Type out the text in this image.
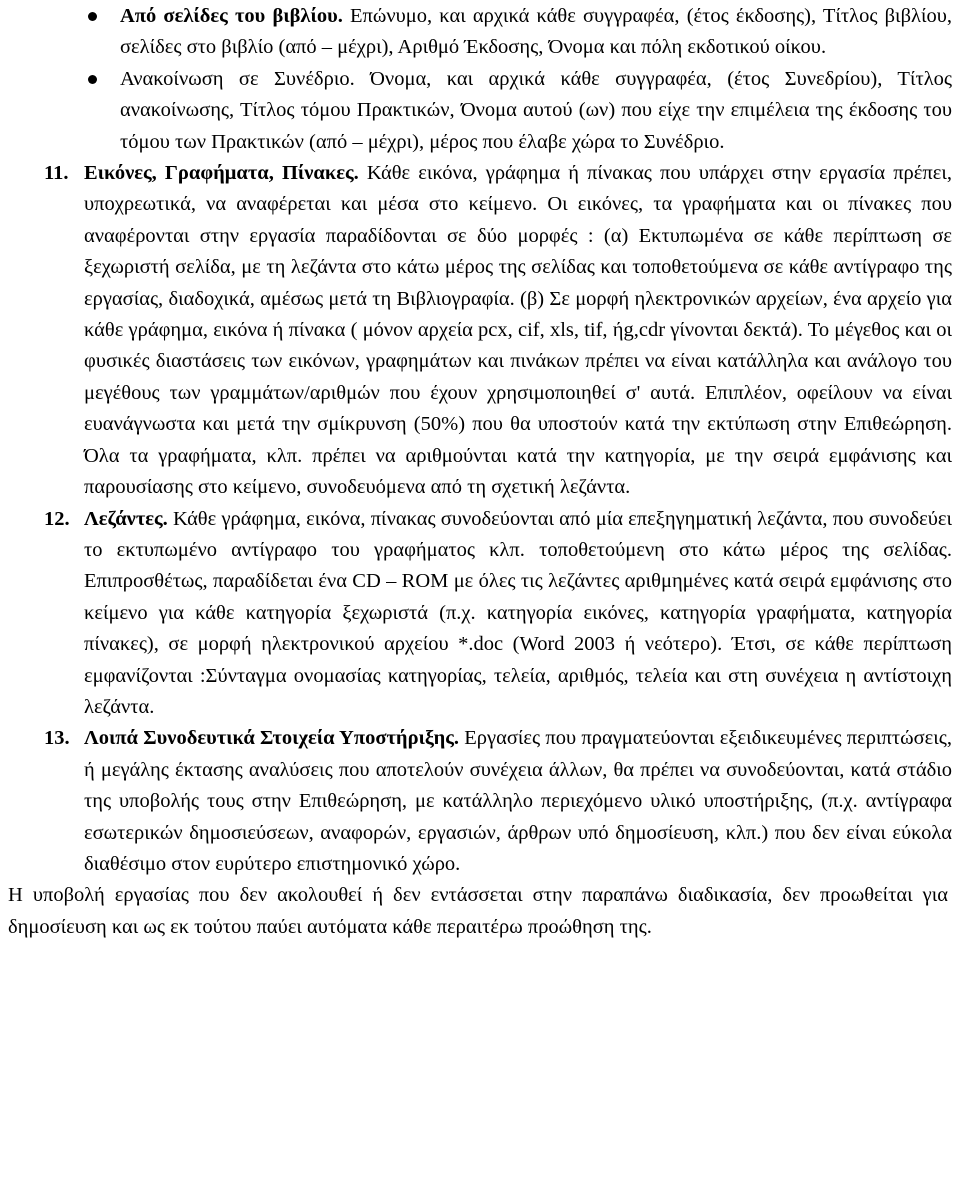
Από σελίδες του βιβλίου. Επώνυμο, και αρχικά κάθε συγγραφέα, (έτος έκδοσης), Τίτλος βιβλίου, σελίδες στο βιβλίο (από – μέχρι), Αριθμό Έκδοσης, Όνομα και πόλη εκδοτικού οίκου.
Ανακοίνωση σε Συνέδριο. Όνομα, και αρχικά κάθε συγγραφέα, (έτος Συνεδρίου), Τίτλος ανακοίνωσης, Τίτλος τόμου Πρακτικών, Όνομα αυτού (ων) που είχε την επιμέλεια της έκδοσης του τόμου των Πρακτικών (από – μέχρι), μέρος που έλαβε χώρα το Συνέδριο.
11. Εικόνες, Γραφήματα, Πίνακες. Κάθε εικόνα, γράφημα ή πίνακας που υπάρχει στην εργασία πρέπει, υποχρεωτικά, να αναφέρεται και μέσα στο κείμενο. Οι εικόνες, τα γραφήματα και οι πίνακες που αναφέρονται στην εργασία παραδίδονται σε δύο μορφές : (α) Εκτυπωμένα σε κάθε περίπτωση σε ξεχωριστή σελίδα, με τη λεζάντα στο κάτω μέρος της σελίδας και τοποθετούμενα σε κάθε αντίγραφο της εργασίας, διαδοχικά, αμέσως μετά τη Βιβλιογραφία. (β) Σε μορφή ηλεκτρονικών αρχείων, ένα αρχείο για κάθε γράφημα, εικόνα ή πίνακα ( μόνον αρχεία pcx, cif, xls, tif, ήg,cdr γίνονται δεκτά). Το μέγεθος και οι φυσικές διαστάσεις των εικόνων, γραφημάτων και πινάκων πρέπει να είναι κατάλληλα και ανάλογο του μεγέθους των γραμμάτων/αριθμών που έχουν χρησιμοποιηθεί σ' αυτά. Επιπλέον, οφείλουν να είναι ευανάγνωστα και μετά την σμίκρυνση (50%) που θα υποστούν κατά την εκτύπωση στην Επιθεώρηση. Όλα τα γραφήματα, κλπ. πρέπει να αριθμούνται κατά την κατηγορία, με την σειρά εμφάνισης και παρουσίασης στο κείμενο, συνοδευόμενα από τη σχετική λεζάντα.
12. Λεζάντες. Κάθε γράφημα, εικόνα, πίνακας συνοδεύονται από μία επεξηγηματική λεζάντα, που συνοδεύει το εκτυπωμένο αντίγραφο του γραφήματος κλπ. τοποθετούμενη στο κάτω μέρος της σελίδας. Επιπροσθέτως, παραδίδεται ένα CD – ROM με όλες τις λεζάντες αριθμημένες κατά σειρά εμφάνισης στο κείμενο για κάθε κατηγορία ξεχωριστά (π.χ. κατηγορία εικόνες, κατηγορία γραφήματα, κατηγορία πίνακες), σε μορφή ηλεκτρονικού αρχείου *.doc (Word 2003 ή νεότερο). Έτσι, σε κάθε περίπτωση εμφανίζονται :Σύνταγμα ονομασίας κατηγορίας, τελεία, αριθμός, τελεία και στη συνέχεια η αντίστοιχη λεζάντα.
13. Λοιπά Συνοδευτικά Στοιχεία Υποστήριξης. Εργασίες που πραγματεύονται εξειδικευμένες περιπτώσεις, ή μεγάλης έκτασης αναλύσεις που αποτελούν συνέχεια άλλων, θα πρέπει να συνοδεύονται, κατά στάδιο της υποβολής τους στην Επιθεώρηση, με κατάλληλο περιεχόμενο υλικό υποστήριξης, (π.χ. αντίγραφα εσωτερικών δημοσιεύσεων, αναφορών, εργασιών, άρθρων υπό δημοσίευση, κλπ.) που δεν είναι εύκολα διαθέσιμο στον ευρύτερο επιστημονικό χώρο.
Η υποβολή εργασίας που δεν ακολουθεί ή δεν εντάσσεται στην παραπάνω διαδικασία, δεν προωθείται για δημοσίευση και ως εκ τούτου παύει αυτόματα κάθε περαιτέρω προώθηση της.
